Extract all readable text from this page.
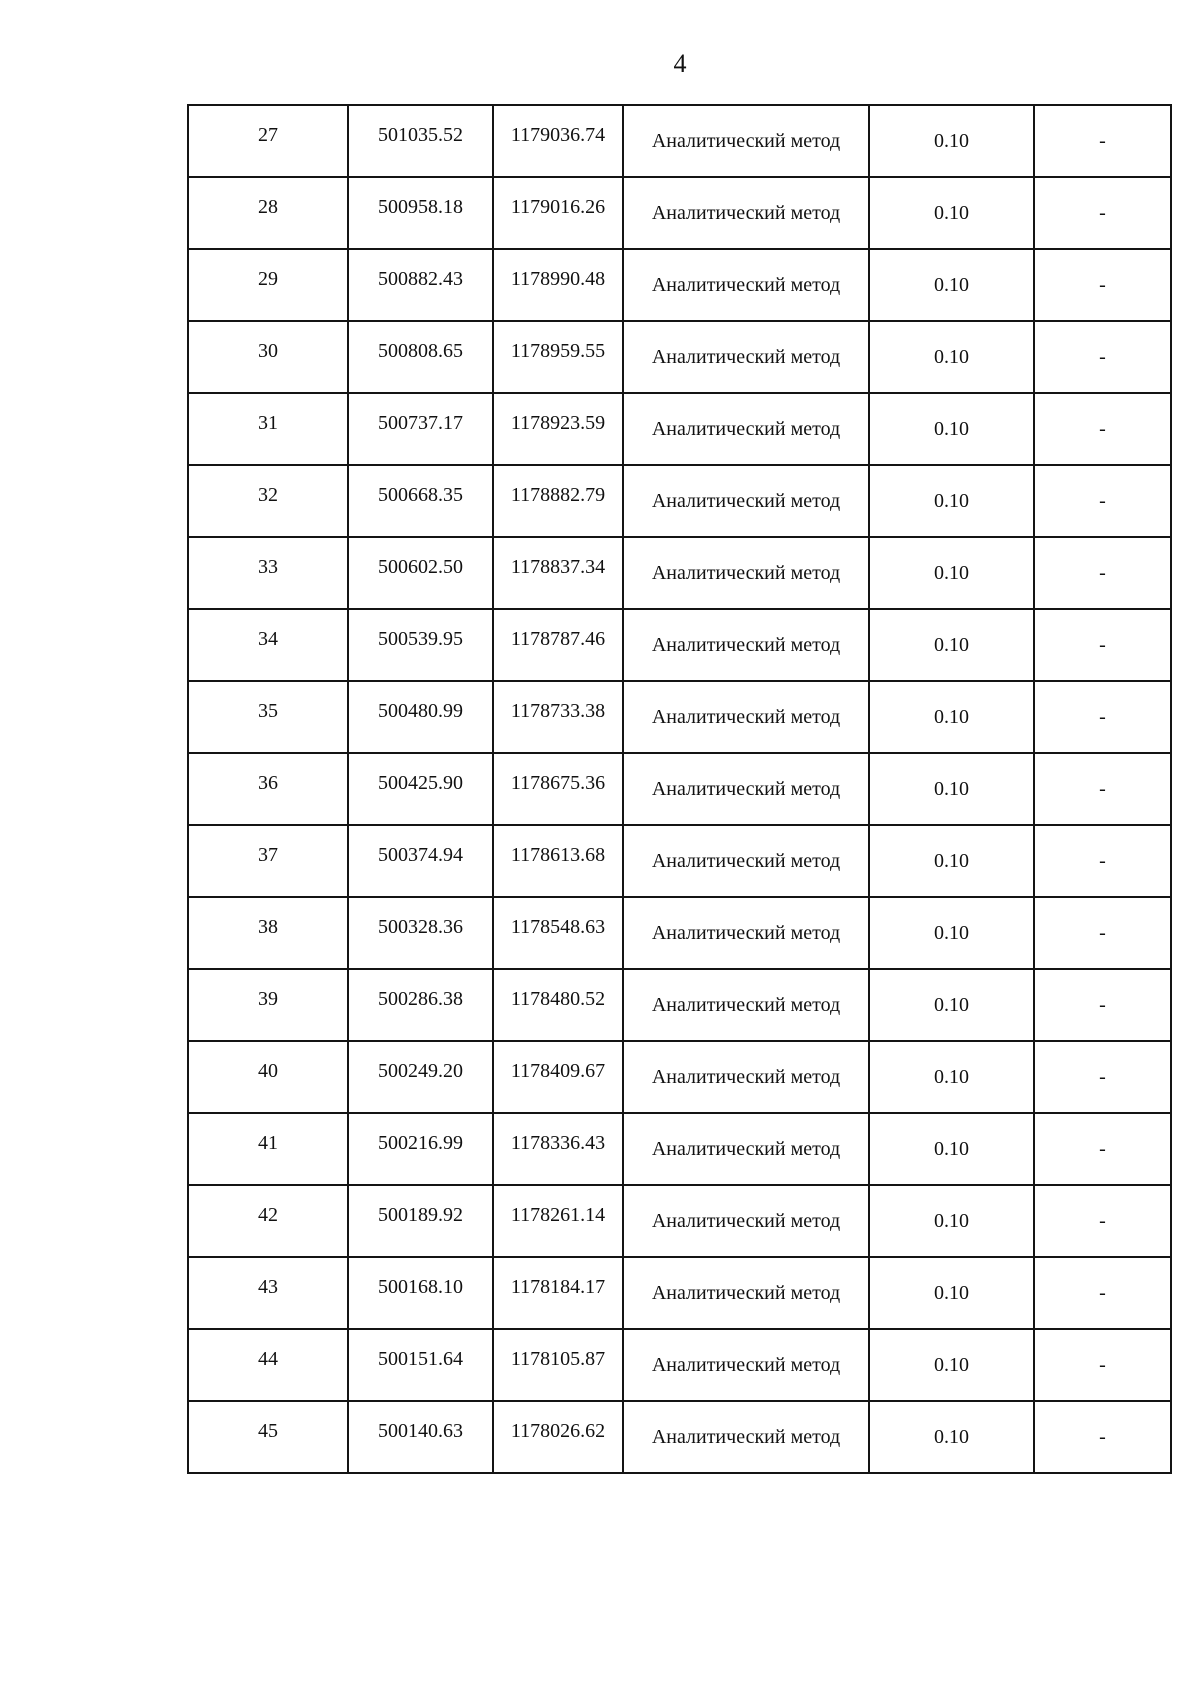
4
27	501035.52	1179036.74	Аналитический метод	0.10	-
28	500958.18	1179016.26	Аналитический метод	0.10	-
29	500882.43	1178990.48	Аналитический метод	0.10	-
30	500808.65	1178959.55	Аналитический метод	0.10	-
31	500737.17	1178923.59	Аналитический метод	0.10	-
32	500668.35	1178882.79	Аналитический метод	0.10	-
33	500602.50	1178837.34	Аналитический метод	0.10	-
34	500539.95	1178787.46	Аналитический метод	0.10	-
35	500480.99	1178733.38	Аналитический метод	0.10	-
36	500425.90	1178675.36	Аналитический метод	0.10	-
37	500374.94	1178613.68	Аналитический метод	0.10	-
38	500328.36	1178548.63	Аналитический метод	0.10	-
39	500286.38	1178480.52	Аналитический метод	0.10	-
40	500249.20	1178409.67	Аналитический метод	0.10	-
41	500216.99	1178336.43	Аналитический метод	0.10	-
42	500189.92	1178261.14	Аналитический метод	0.10	-
43	500168.10	1178184.17	Аналитический метод	0.10	-
44	500151.64	1178105.87	Аналитический метод	0.10	-
45	500140.63	1178026.62	Аналитический метод	0.10	-
